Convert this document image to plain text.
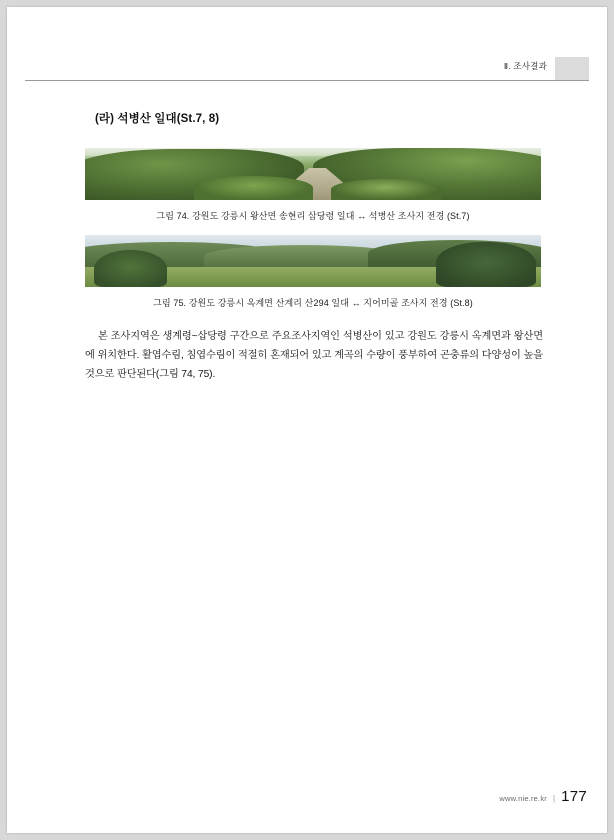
Ⅱ. 조사결과
(라) 석병산 일대(St.7, 8)
그림 74. 강원도 강릉시 왕산면 송현리 삽당령 일대 ↔ 석병산 조사지 전경 (St.7)
그림 75. 강원도 강릉시 옥계면 산계리 산294 일대 ↔ 지어미골 조사지 전경 (St.8)
본 조사지역은 생계령~삽당령 구간으로 주요조사지역인 석병산이 있고 강원도 강릉시 옥계면과 왕산면에 위치한다. 활엽수림, 침엽수림이 적절히 혼재되어 있고 계곡의 수량이 풍부하여 곤충류의 다양성이 높을 것으로 판단된다(그림 74, 75).
www.nie.re.kr | 177
